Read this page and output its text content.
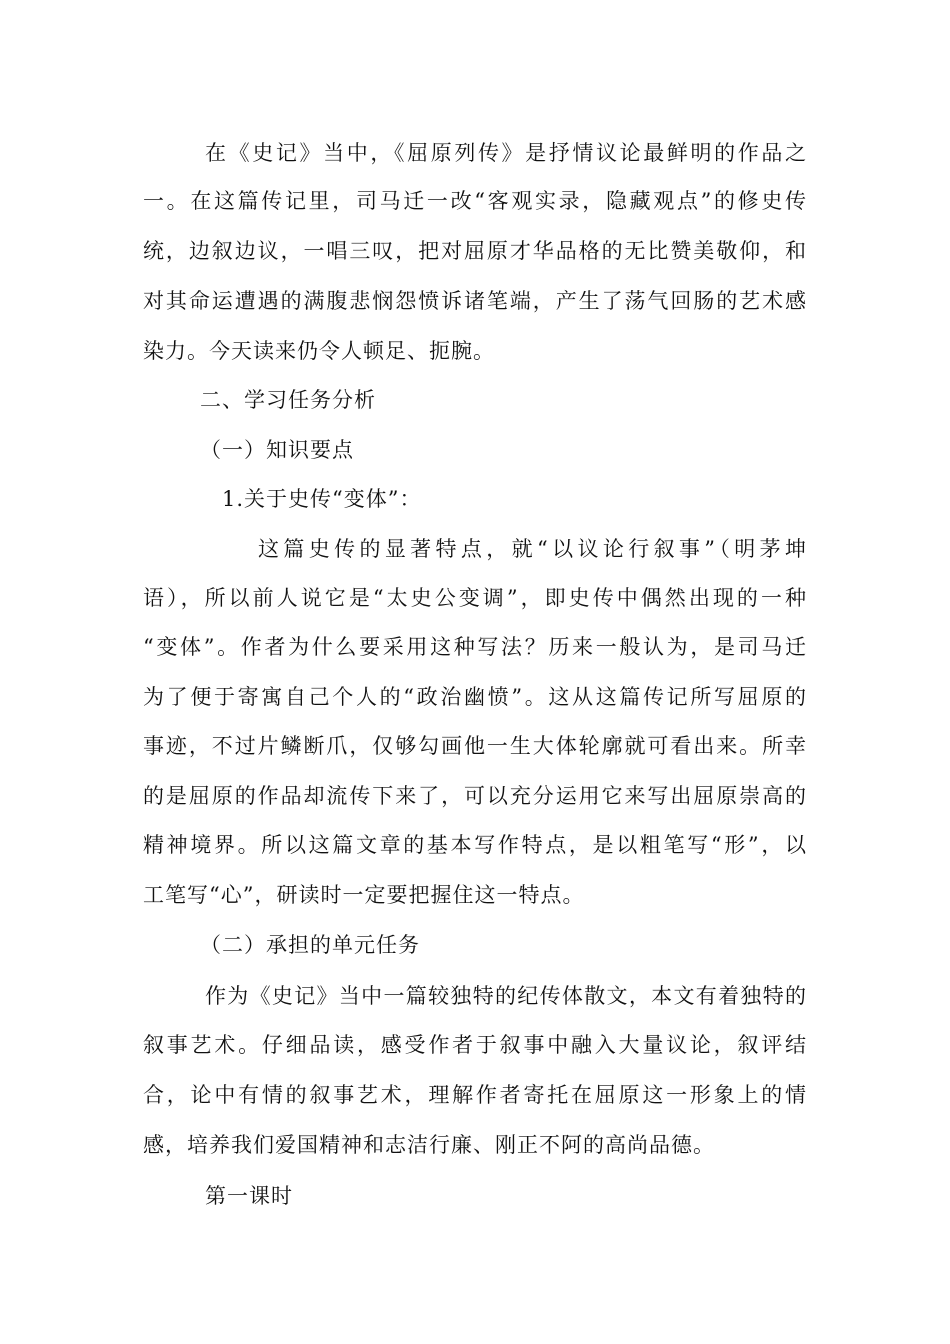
在《史记》当中，《屈原列传》是抒情议论最鲜明的作品之
一。在这篇传记里，司马迁一改“客观实录，隐藏观点”的修史传
统，边叙边议，一唱三叹，把对屈原才华品格的无比赞美敬仰，和
对其命运遭遇的满腹悲悯怨愤诉诸笔端，产生了荡气回肠的艺术感
染力。今天读来仍令人顿足、扼腕。
二、学习任务分析
（一）知识要点
1.关于史传“变体”：
这篇史传的显著特点，就“以议论行叙事”（明茅坤
语），所以前人说它是“太史公变调”，即史传中偶然出现的一种
“变体”。作者为什么要采用这种写法？历来一般认为，是司马迁
为了便于寄寓自己个人的“政治幽愤”。这从这篇传记所写屈原的
事迹，不过片鳞断爪，仅够勾画他一生大体轮廓就可看出来。所幸
的是屈原的作品却流传下来了，可以充分运用它来写出屈原崇高的
精神境界。所以这篇文章的基本写作特点，是以粗笔写“形”，以
工笔写“心”，研读时一定要把握住这一特点。
（二）承担的单元任务
作为《史记》当中一篇较独特的纪传体散文，本文有着独特的
叙事艺术。仔细品读，感受作者于叙事中融入大量议论，叙评结
合，论中有情的叙事艺术，理解作者寄托在屈原这一形象上的情
感，培养我们爱国精神和志洁行廉、刚正不阿的高尚品德。
第一课时
